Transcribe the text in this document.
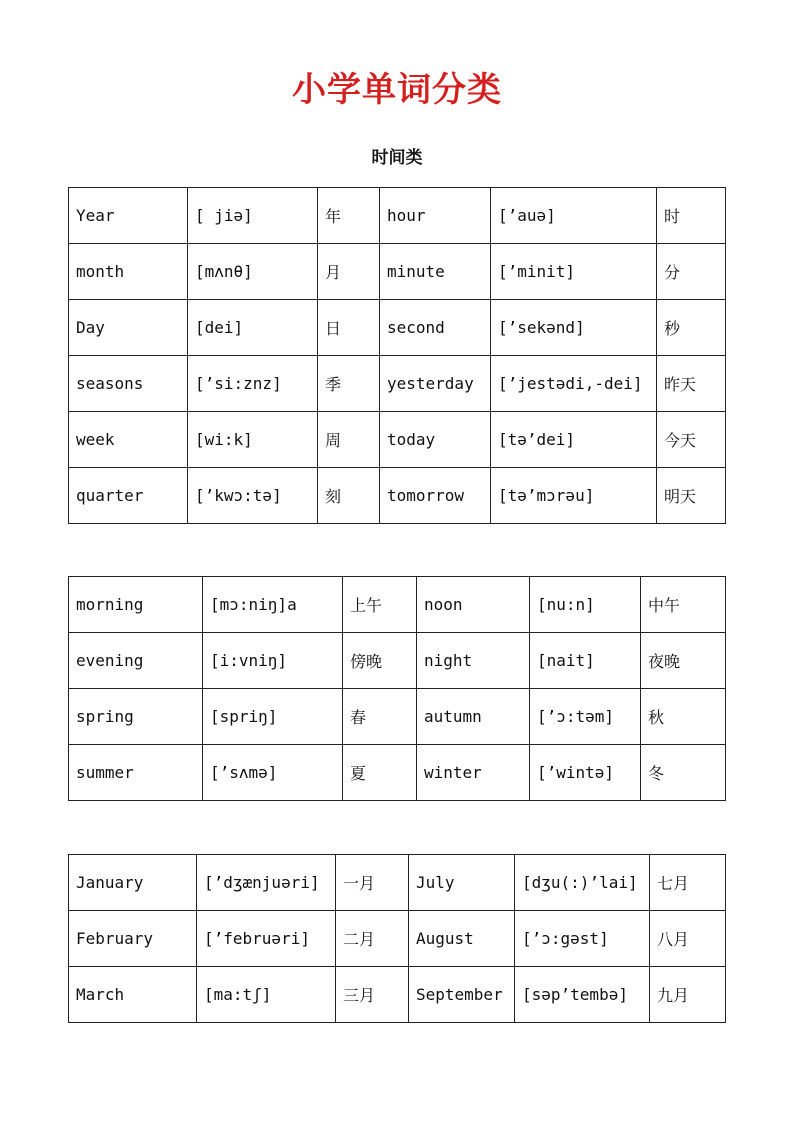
小学单词分类
时间类
Year	[ jiə]	年	hour	[’auə]	时
month	[mʌnθ]	月	minute	[’minit]	分
Day	[dei]	日	second	[’sekənd]	秒
seasons	[’si:znz]	季	yesterday	[’jestədi,-dei]	昨天
week	[wi:k]	周	today	[tə’dei]	今天
quarter	[’kwɔ:tə]	刻	tomorrow	[tə’mɔrəu]	明天
morning	[mɔ:niŋ]a	上午	noon	[nu:n]	中午
evening	[i:vniŋ]	傍晚	night	[nait]	夜晚
spring	[spriŋ]	春	autumn	[’ɔ:təm]	秋
summer	[’sʌmə]	夏	winter	[’wintə]	冬
January	[’dʒænjuəri]	一月	July	[dʒu(:)’lai]	七月
February	[’februəri]	二月	August	[’ɔ:gəst]	八月
March	[ma:tʃ]	三月	September	[səp’tembə]	九月
